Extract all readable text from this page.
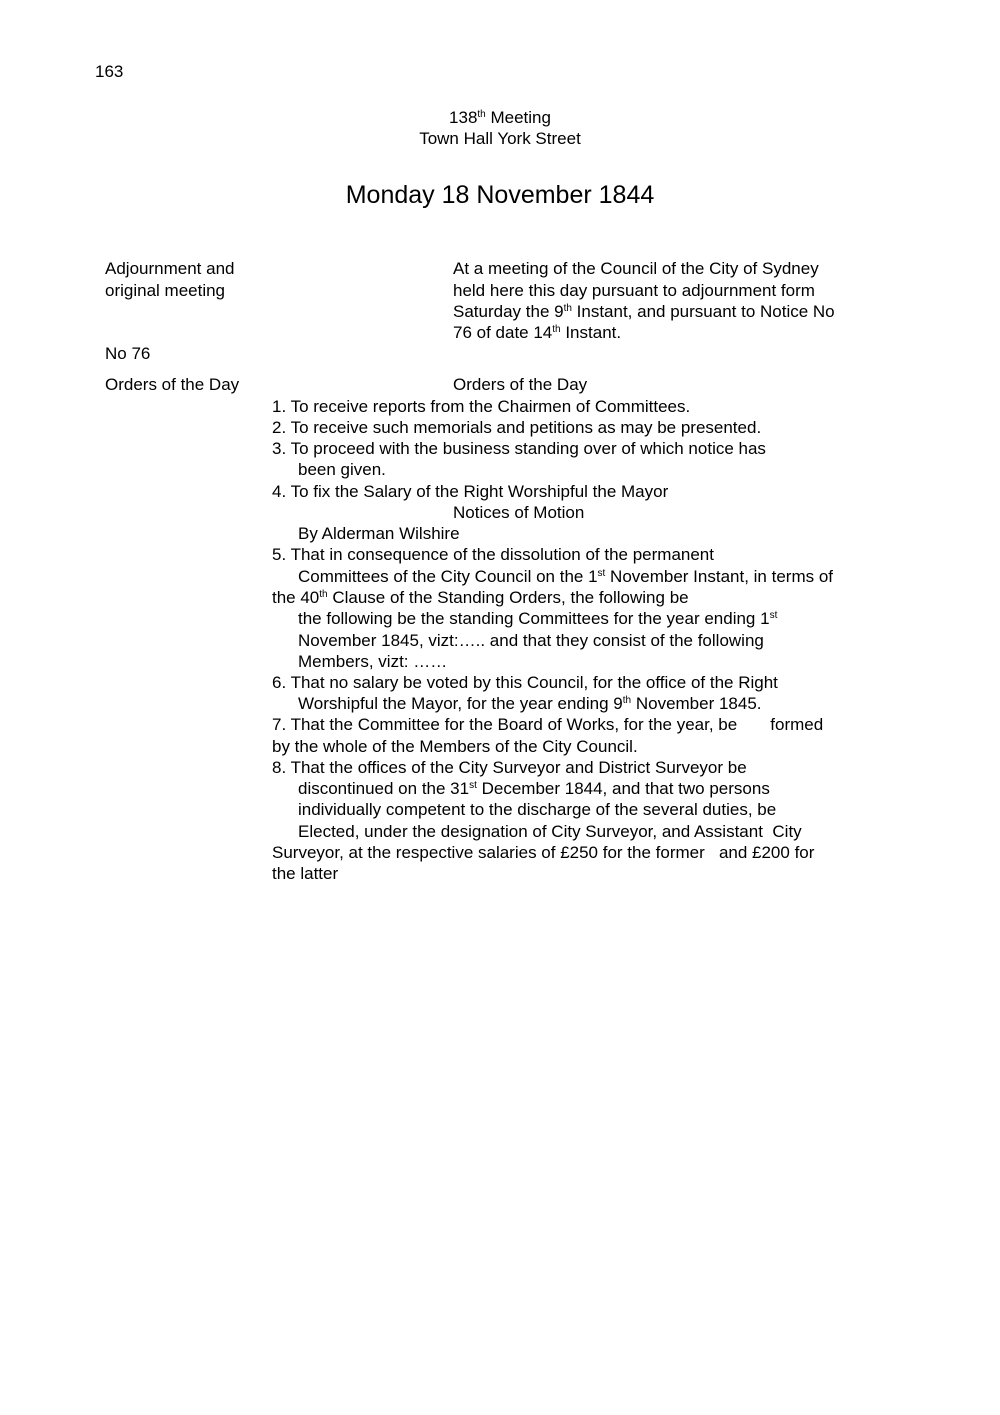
163
138th Meeting
Town Hall York Street
Monday 18 November 1844
Adjournment and
original meeting
No 76
Orders of the Day
At a meeting of the Council of the City of Sydney
held here this day pursuant to adjournment form
Saturday the 9th Instant, and pursuant to Notice No
76 of date 14th Instant.
Orders of the Day
1. To receive reports from the Chairmen of Committees.
2. To receive such memorials and petitions as may be presented.
3. To proceed with the business standing over of which notice has
been given.
4. To fix the Salary of the Right Worshipful the Mayor
Notices of Motion
By Alderman Wilshire
5. That in consequence of the dissolution of the permanent
Committees of the City Council on the 1st November Instant, in terms of
the 40th Clause of the Standing Orders, the following be
the following be the standing Committees for the year ending 1st
November 1845, vizt:….. and that they consist of the following
Members, vizt: ……
6. That no salary be voted by this Council, for the office of the Right
Worshipful the Mayor, for the year ending 9th November 1845.
7. That the Committee for the Board of Works, for the year, be       formed
by the whole of the Members of the City Council.
8. That the offices of the City Surveyor and District Surveyor be
discontinued on the 31st December 1844, and that two persons
individually competent to the discharge of the several duties, be
Elected, under the designation of City Surveyor, and Assistant  City
Surveyor, at the respective salaries of £250 for the former   and £200 for
the latter
